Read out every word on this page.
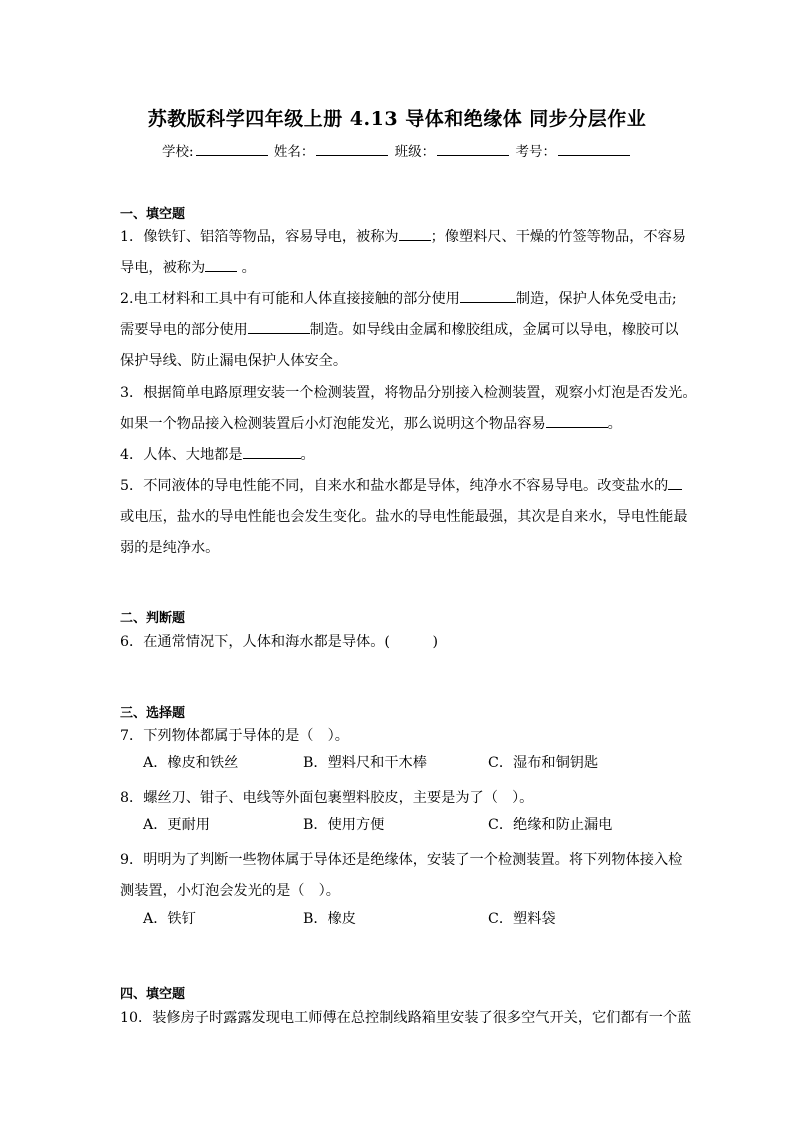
苏教版科学四年级上册 4.13 导体和绝缘体 同步分层作业
学校:	姓名：	班级：	考号：
一、填空题
1．像铁钉、铝箔等物品，容易导电，被称为 ；像塑料尺、干燥的竹签等物品，不容易
导电，被称为 。
2.电工材料和工具中有可能和人体直接接触的部分使用	制造，保护人体免受电击;
需要导电的部分使用	制造。如导线由金属和橡胶组成，金属可以导电，橡胶可以
保护导线、防止漏电保护人体安全。
3．根据简单电路原理安装一个检测装置，将物品分别接入检测装置，观察小灯泡是否发光。
如果一个物品接入检测装置后小灯泡能发光，那么说明这个物品容易	。
4．人体、大地都是	。
5．不同液体的导电性能不同，自来水和盐水都是导体，纯净水不容易导电。改变盐水的
或电压，盐水的导电性能也会发生变化。盐水的导电性能最强，其次是自来水，导电性能最
弱的是纯净水。
二、判断题
6．在通常情况下，人体和海水都是导体。(　　　)
三、选择题
7．下列物体都属于导体的是（　）。
A．橡皮和铁丝	B．塑料尺和干木棒	C．湿布和铜钥匙
8．螺丝刀、钳子、电线等外面包裹塑料胶皮，主要是为了（　）。
A．更耐用	B．使用方便	C．绝缘和防止漏电
9．明明为了判断一些物体属于导体还是绝缘体，安装了一个检测装置。将下列物体接入检
测装置，小灯泡会发光的是（　）。
A．铁钉	B．橡皮	C．塑料袋
四、填空题
10．装修房子时露露发现电工师傅在总控制线路箱里安装了很多空气开关，它们都有一个蓝
